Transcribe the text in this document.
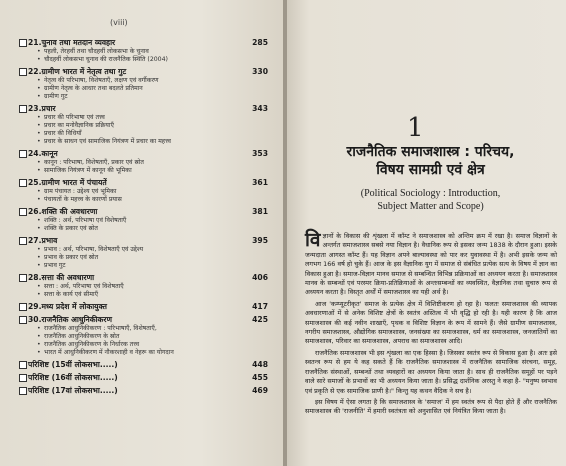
(viii)
21.चुनाव तथा मतदान व्यवहार	285
• पहली, तेरहवीं तथा चौदहवीं लोकसभा के चुनाव
• चौदहवीं लोकसभा चुनाव की राजनैतिक स्थिति (2004)
22.ग्रामीण भारत में नेतृत्व तथा गुट	330
• नेतृत्व की परिभाषा, विशेषताएँ, लक्षण एवं वर्गीकरण
• ग्रामीण नेतृत्व के आधार तथा बदलते प्रतिमान
• ग्रामीण गुट
23.प्रचार	343
• प्रचार की परिभाषा एवं तत्त्व
• प्रचार का मनोवैज्ञानिक प्रक्रियाएँ
• प्रचार की विधियाँ
• प्रचार के साधन एवं सामाजिक नियंत्रण में प्रचार का महत्त्व
24.कानून	353
• कानून : परिभाषा, विशेषताएँ, प्रकार एवं स्रोत
• सामाजिक नियंत्रण में कानून की भूमिका
25.ग्रामीण भारत में पंचायतें	361
• ग्राम पंचायत : उद्देश्य एवं भूमिका
• पंचायतों के महत्त्व के कारणों प्रयास
26.शक्ति की अवधारणा	381
• शक्ति : अर्थ, परिभाषा एवं विशेषताएँ
• शक्ति के प्रकार एवं स्रोत
27.प्रभाव	395
• प्रभाव : अर्थ, परिभाषा, विशेषताएँ एवं उद्देश्य
• प्रभाव के प्रकार एवं स्रोत
• प्रभाव गुट
28.सत्ता की अवधारणा	406
• सत्ता : अर्थ, परिभाषा एवं विशेषताएँ
• सत्ता के कार्य एवं सीमाएँ
29.मध्य प्रदेश में लोकायुक्त	417
30.राजनैतिक आधुनिकीकरण	425
• राजनैतिक आधुनिकीकरण : परिभाषाएँ, विशेषताएँ,
• राजनैतिक आधुनिकीकरण के स्रोत
• राजनैतिक आधुनिकीकरण के निर्धारक तत्त्व
• भारत में आधुनिकीकरण में नौकरशाही व नेहरू का योगदान
परिशिष्ट (15वीं लोकसभा.....)	448
परिशिष्ट (16वीं लोकसभा.....)	455
परिशिष्ट (17वां लोकसभा.....)	469
1
राजनैतिक समाजशास्त्र : परिचय,
विषय सामग्री एवं क्षेत्र
(Political Sociology : Introduction,
Subject Matter and Scope)

विज्ञानों के विकास की शृंखला में कॉम्ट ने समाजशास्त्र को अन्तिम क्रम में रखा है। समाज विज्ञानों के अन्तर्गत समाजशास्त्र सबसे नया विज्ञान है। वैधानिक रूप से इसका जन्म 1838 के दौरान हुआ। इसके जन्मदाता आगस्त कॉम्ट हैं। यह विज्ञान अपने बाल्यावस्था को पार कर युवावस्था में है। अभी इसके जन्म को लगभग 166 वर्ष हो चुके हैं। आज के इस वैज्ञानिक युग में समाज से संबंधित प्रत्येक सत्य के विषय में ज्ञान का विकास हुआ है। समाज-विज्ञान मानव समाज से सम्बन्धित विभिन्न प्रक्रियाओं का अध्ययन करता है। समाजशास्त्र मानव के सम्बन्धों एवं परस्पर क्रिया-प्रतिक्रियाओं के अन्तःसम्बन्धों का व्यवस्थित, वैज्ञानिक तथा सुचारु रूप से अध्ययन करता है। विस्तृत अर्थों में समाजशास्त्र का यही अर्थ है।

आज 'कम्प्यूटरीकृत' समाज के प्रत्येक क्षेत्र में विशिष्टीकरण हो रहा है। फलतः समाजशास्त्र की व्यापक अवधारणाओं में से अनेक विशिष्ट क्षेत्रों के स्वतंत्र अस्तित्व में भी वृद्धि हो रही है। यही कारण है कि आज समाजशास्त्र की कई नवीन शाखाएँ, पृथक व विशिष्ट विज्ञान के रूप में सामने हैं। जैसे ग्रामीण समाजशास्त्र, नगरीय समाजशास्त्र, औद्योगिक समाजशास्त्र, जनसंख्या का समाजशास्त्र, धर्म का समाजशास्त्र, जनजातियों का समाजशास्त्र, परिवार का समाजशास्त्र, अपराध का समाजशास्त्र आदि।

राजनैतिक समाजशास्त्र भी इस शृंखला का एक हिस्सा है। जिसका स्वतंत्र रूप से विकास हुआ है। अतः इसे स्वतन्त्र रूप से हम ये कह सकते हैं कि राजनैतिक समाजशास्त्र में राजनैतिक सामाजिक संरचना, समूह, राजनैतिक संस्थाओं, सम्बन्धों तथा व्यवहारों का अध्ययन किया जाता है। साथ ही राजनैतिक समूहों पर पड़ने वाले सारे समाजों के प्रभावों का भी अध्ययन किया जाता है। प्रसिद्ध दार्शनिक अरस्तु ने कहा है- "मनुष्य स्वभाव एवं प्रकृति से एक सामाजिक प्राणी है।" किन्तु यह कथन वैदिक ने सच है।

इस विषय में ऐसा लगता है कि समाजशास्त्र के 'समाज' में हम स्वतंत्र रूप से पैदा होते हैं और राजनैतिक समाजशास्त्र की 'राजनीति' में हमारी स्वतंत्रता को अनुशासित एवं नियंत्रित किया जाता है।
